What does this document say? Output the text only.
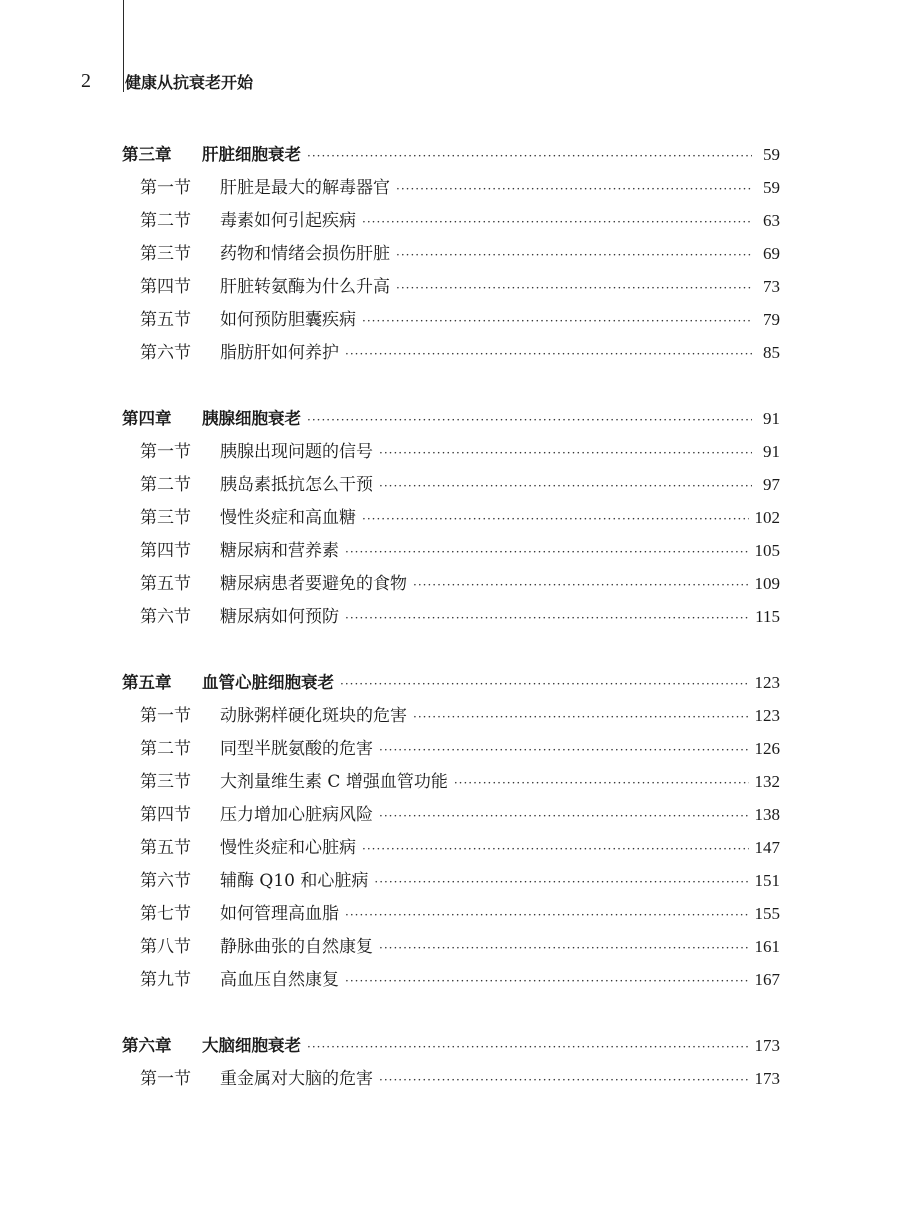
2	健康从抗衰老开始
第三章	肝脏细胞衰老 ·····	59
第一节	肝脏是最大的解毒器官 ·····	59
第二节	毒素如何引起疾病 ·····	63
第三节	药物和情绪会损伤肝脏 ·····	69
第四节	肝脏转氨酶为什么升高 ·····	73
第五节	如何预防胆囊疾病 ·····	79
第六节	脂肪肝如何养护 ·····	85
第四章	胰腺细胞衰老 ·····	91
第一节	胰腺出现问题的信号 ·····	91
第二节	胰岛素抵抗怎么干预 ·····	97
第三节	慢性炎症和高血糖 ·····	102
第四节	糖尿病和营养素 ·····	105
第五节	糖尿病患者要避免的食物 ·····	109
第六节	糖尿病如何预防 ·····	115
第五章	血管心脏细胞衰老 ·····	123
第一节	动脉粥样硬化斑块的危害 ·····	123
第二节	同型半胱氨酸的危害 ·····	126
第三节	大剂量维生素 C 增强血管功能 ·····	132
第四节	压力增加心脏病风险 ·····	138
第五节	慢性炎症和心脏病 ·····	147
第六节	辅酶 Q10 和心脏病 ·····	151
第七节	如何管理高血脂 ·····	155
第八节	静脉曲张的自然康复 ·····	161
第九节	高血压自然康复 ·····	167
第六章	大脑细胞衰老 ·····	173
第一节	重金属对大脑的危害 ·····	173
